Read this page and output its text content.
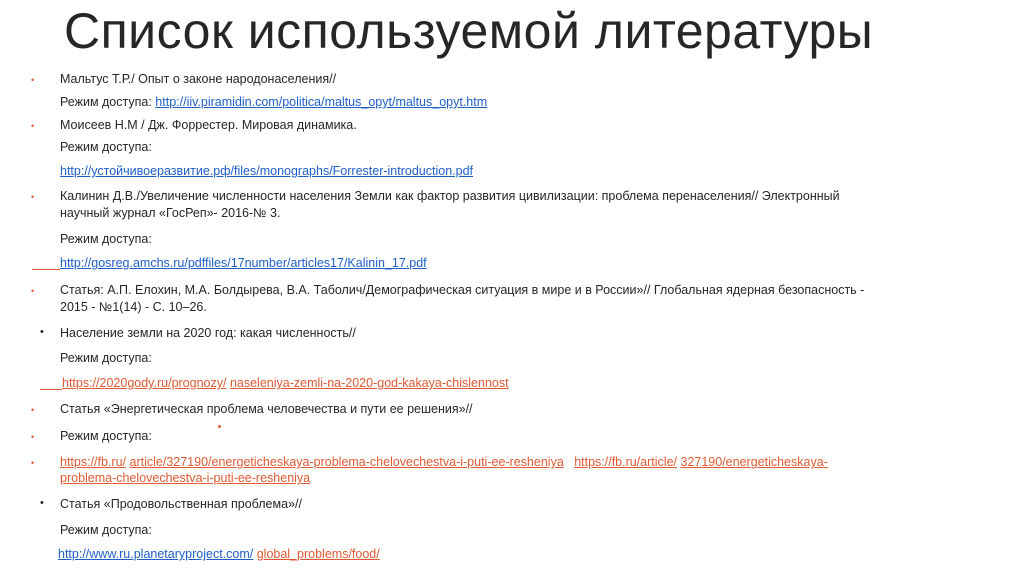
Список используемой литературы
• Мальтус Т.Р./ Опыт о законе народонаселения//
Режим доступа: http://iiv.piramidin.com/politica/maltus_opyt/maltus_opyt.htm
• Моисеев Н.М / Дж. Форрестер. Мировая динамика.
Режим доступа:
http://устойчивоеразвитие.рф/files/monographs/Forrester-introduction.pdf
• Калинин Д.В./Увеличение численности населения Земли как фактор развития цивилизации: проблема перенаселения// Электронный
научный журнал «ГосРеп»- 2016-№ 3.
Режим доступа:
http://gosreg.amchs.ru/pdffiles/17number/articles17/Kalinin_17.pdf
• Статья: А.П. Елохин, М.А. Болдырева, В.А. Таболич/Демографическая ситуация в мире и в России»// Глобальная ядерная безопасность -
2015 - №1(14) - С. 10–26.
• Население земли на 2020 год: какая численность//
Режим доступа:
https://2020gody.ru/prognozy/ naseleniya-zemli-na-2020-god-kakaya-chislennost
• Статья «Энергетическая проблема человечества и пути ее решения»//
• Режим доступа:
• https://fb.ru/ article/327190/energeticheskaya-problema-chelovechestva-i-puti-ee-resheniya https://fb.ru/article/ 327190/energeticheskaya-
problema-chelovechestva-i-puti-ee-resheniya
• Статья «Продовольственная проблема»//
Режим доступа:
http://www.ru.planetaryproject.com/ global_problems/food/
